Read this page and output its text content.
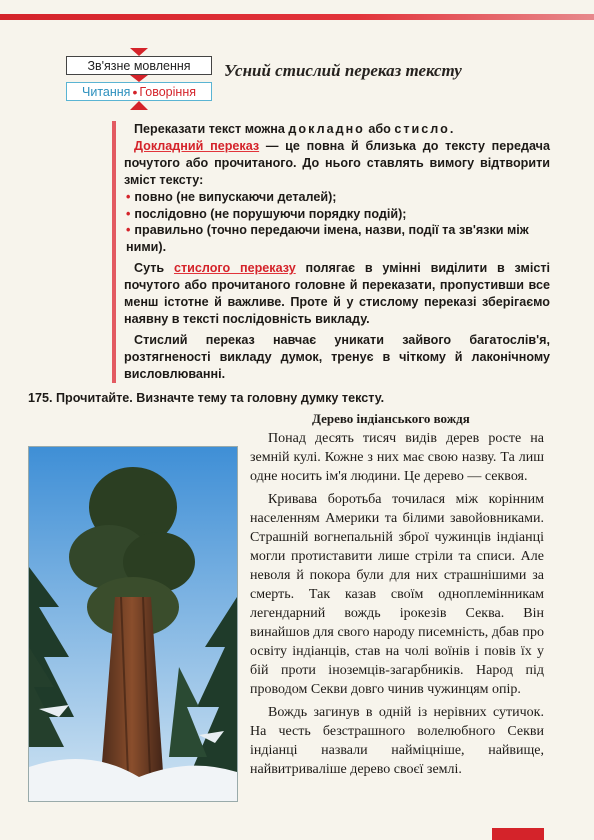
Зв'язне мовлення
Читання • Говоріння
Усний стислий переказ тексту

Переказати текст можна докладно або стисло.

Докладний переказ — це повна й близька до тексту передача почутого або прочитаного. До нього ставлять вимогу відтворити зміст тексту:

• повно (не випускаючи деталей);
• послідовно (не порушуючи порядку подій);
• правильно (точно передаючи імена, назви, події та зв'язки між ними).

Суть стислого переказу полягає в умінні виділити в змісті почутого або прочитаного головне й переказати, пропустивши все менш істотне й важливе. Проте й у стислому переказі зберігаємо наявну в тексті послідовність викладу.

Стислий переказ навчає уникати зайвого багатослів'я, розтягненості викладу думок, тренує в чіткому й лаконічному висловлюванні.

175. Прочитайте. Визначте тему та головну думку тексту.
Дерево індіанського вождя

Понад десять тисяч видів дерев росте на земній кулі. Кожне з них має свою назву. Та лиш одне носить ім'я людини. Це дерево — секвоя.

Кривава боротьба точилася між корінним населенням Америки та білими завойовниками. Страшній вогнепальній зброї чужинців індіанці могли протиставити лише стріли та списи. Але неволя й покора були для них страшнішими за смерть. Так казав своїм одноплемінникам легендарний вождь ірокезів Секва. Він винайшов для свого народу писемність, дбав про освіту індіанців, став на чолі воїнів і повів їх у бій проти іноземців-загарбників. Народ під проводом Секви довго чинив чужинцям опір.

Вождь загинув в одній із нерівних сутичок. На честь безстрашного волелюбного Секви індіанці назвали найміцніше, найвище, найвитриваліше дерево своєї землі.
